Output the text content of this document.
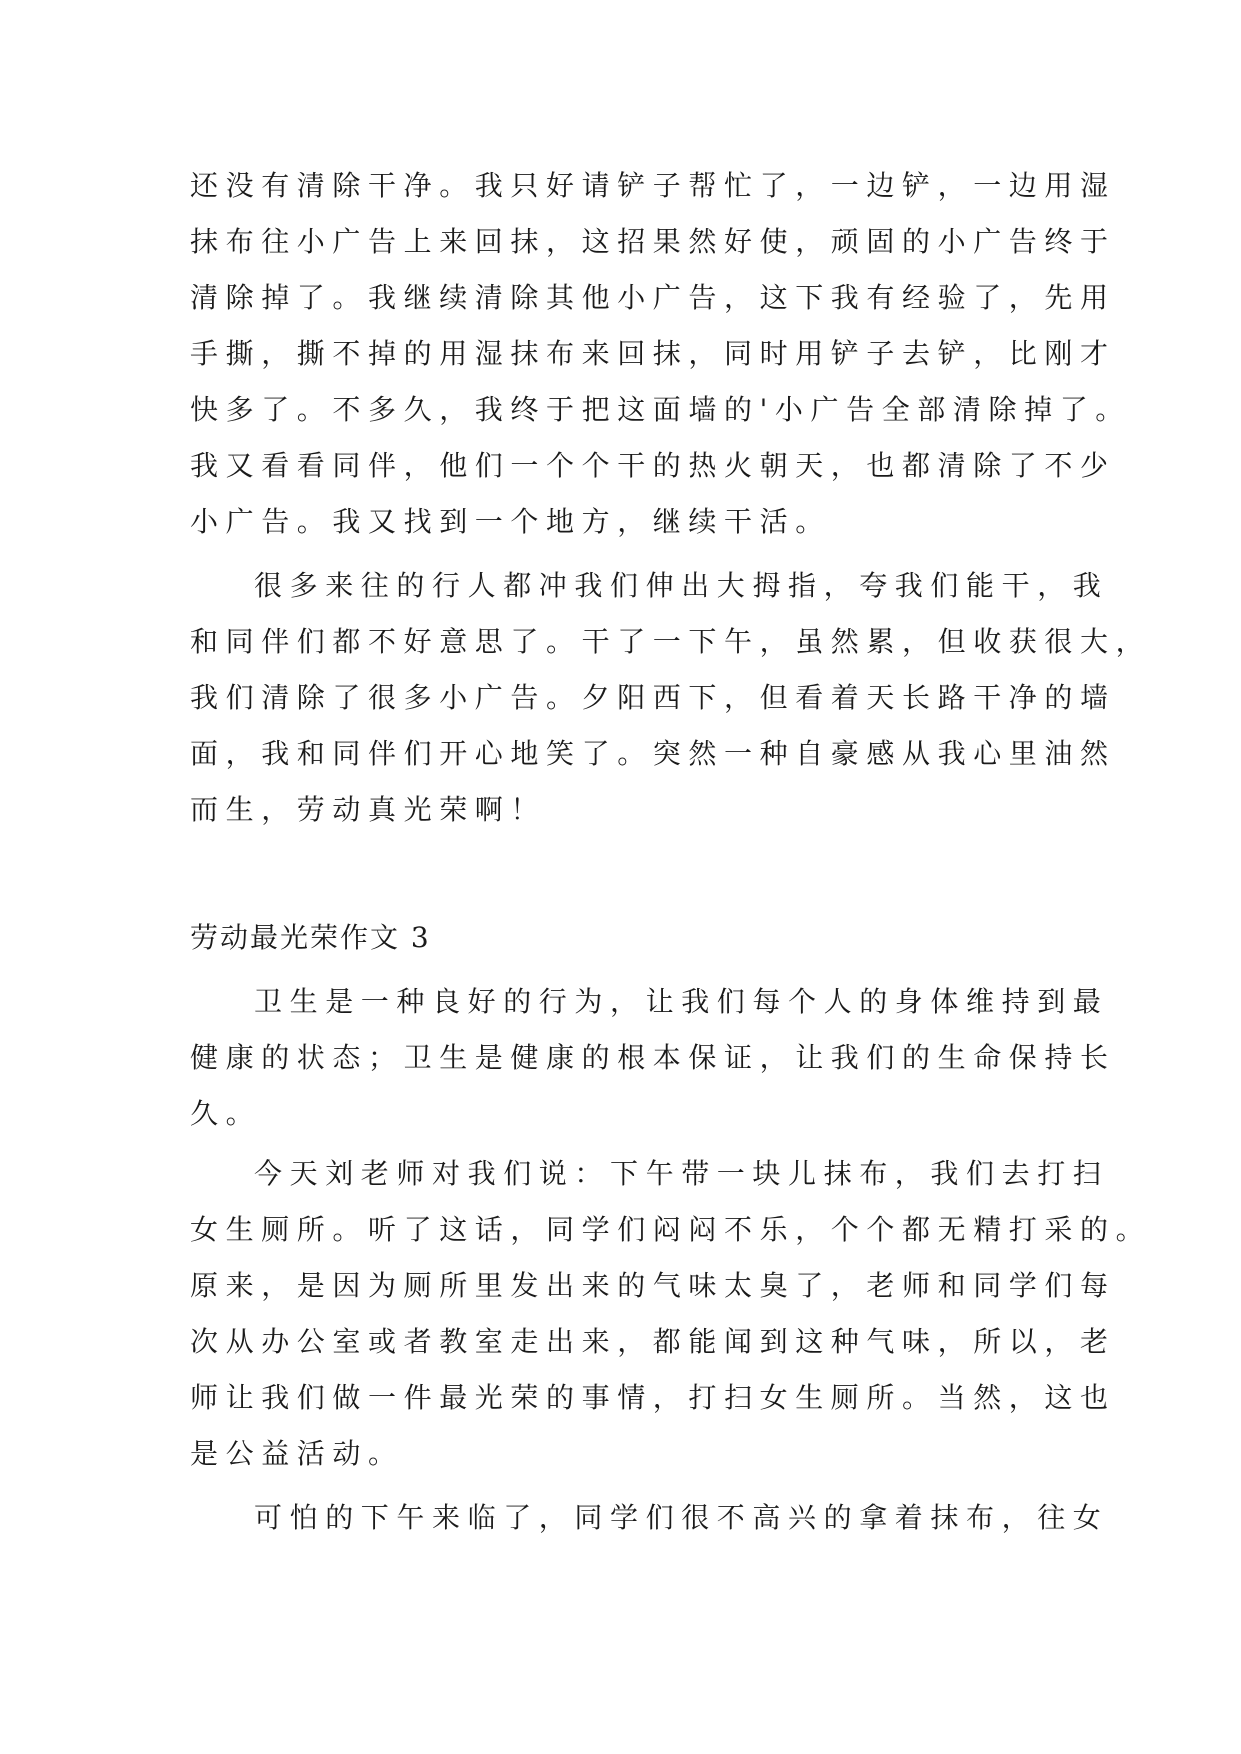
还没有清除干净。我只好请铲子帮忙了，一边铲，一边用湿
抹布往小广告上来回抹，这招果然好使，顽固的小广告终于
清除掉了。我继续清除其他小广告，这下我有经验了，先用
手撕，撕不掉的用湿抹布来回抹，同时用铲子去铲，比刚才
快多了。不多久，我终于把这面墙的'小广告全部清除掉了。
我又看看同伴，他们一个个干的热火朝天，也都清除了不少
小广告。我又找到一个地方，继续干活。
很多来往的行人都冲我们伸出大拇指，夸我们能干，我
和同伴们都不好意思了。干了一下午，虽然累，但收获很大，
我们清除了很多小广告。夕阳西下，但看着天长路干净的墙
面，我和同伴们开心地笑了。突然一种自豪感从我心里油然
而生，劳动真光荣啊！
劳动最光荣作文 3
卫生是一种良好的行为，让我们每个人的身体维持到最
健康的状态；卫生是健康的根本保证，让我们的生命保持长
久。
今天刘老师对我们说：下午带一块儿抹布，我们去打扫
女生厕所。听了这话，同学们闷闷不乐，个个都无精打采的。
原来，是因为厕所里发出来的气味太臭了，老师和同学们每
次从办公室或者教室走出来，都能闻到这种气味，所以，老
师让我们做一件最光荣的事情，打扫女生厕所。当然，这也
是公益活动。
可怕的下午来临了，同学们很不高兴的拿着抹布，往女
